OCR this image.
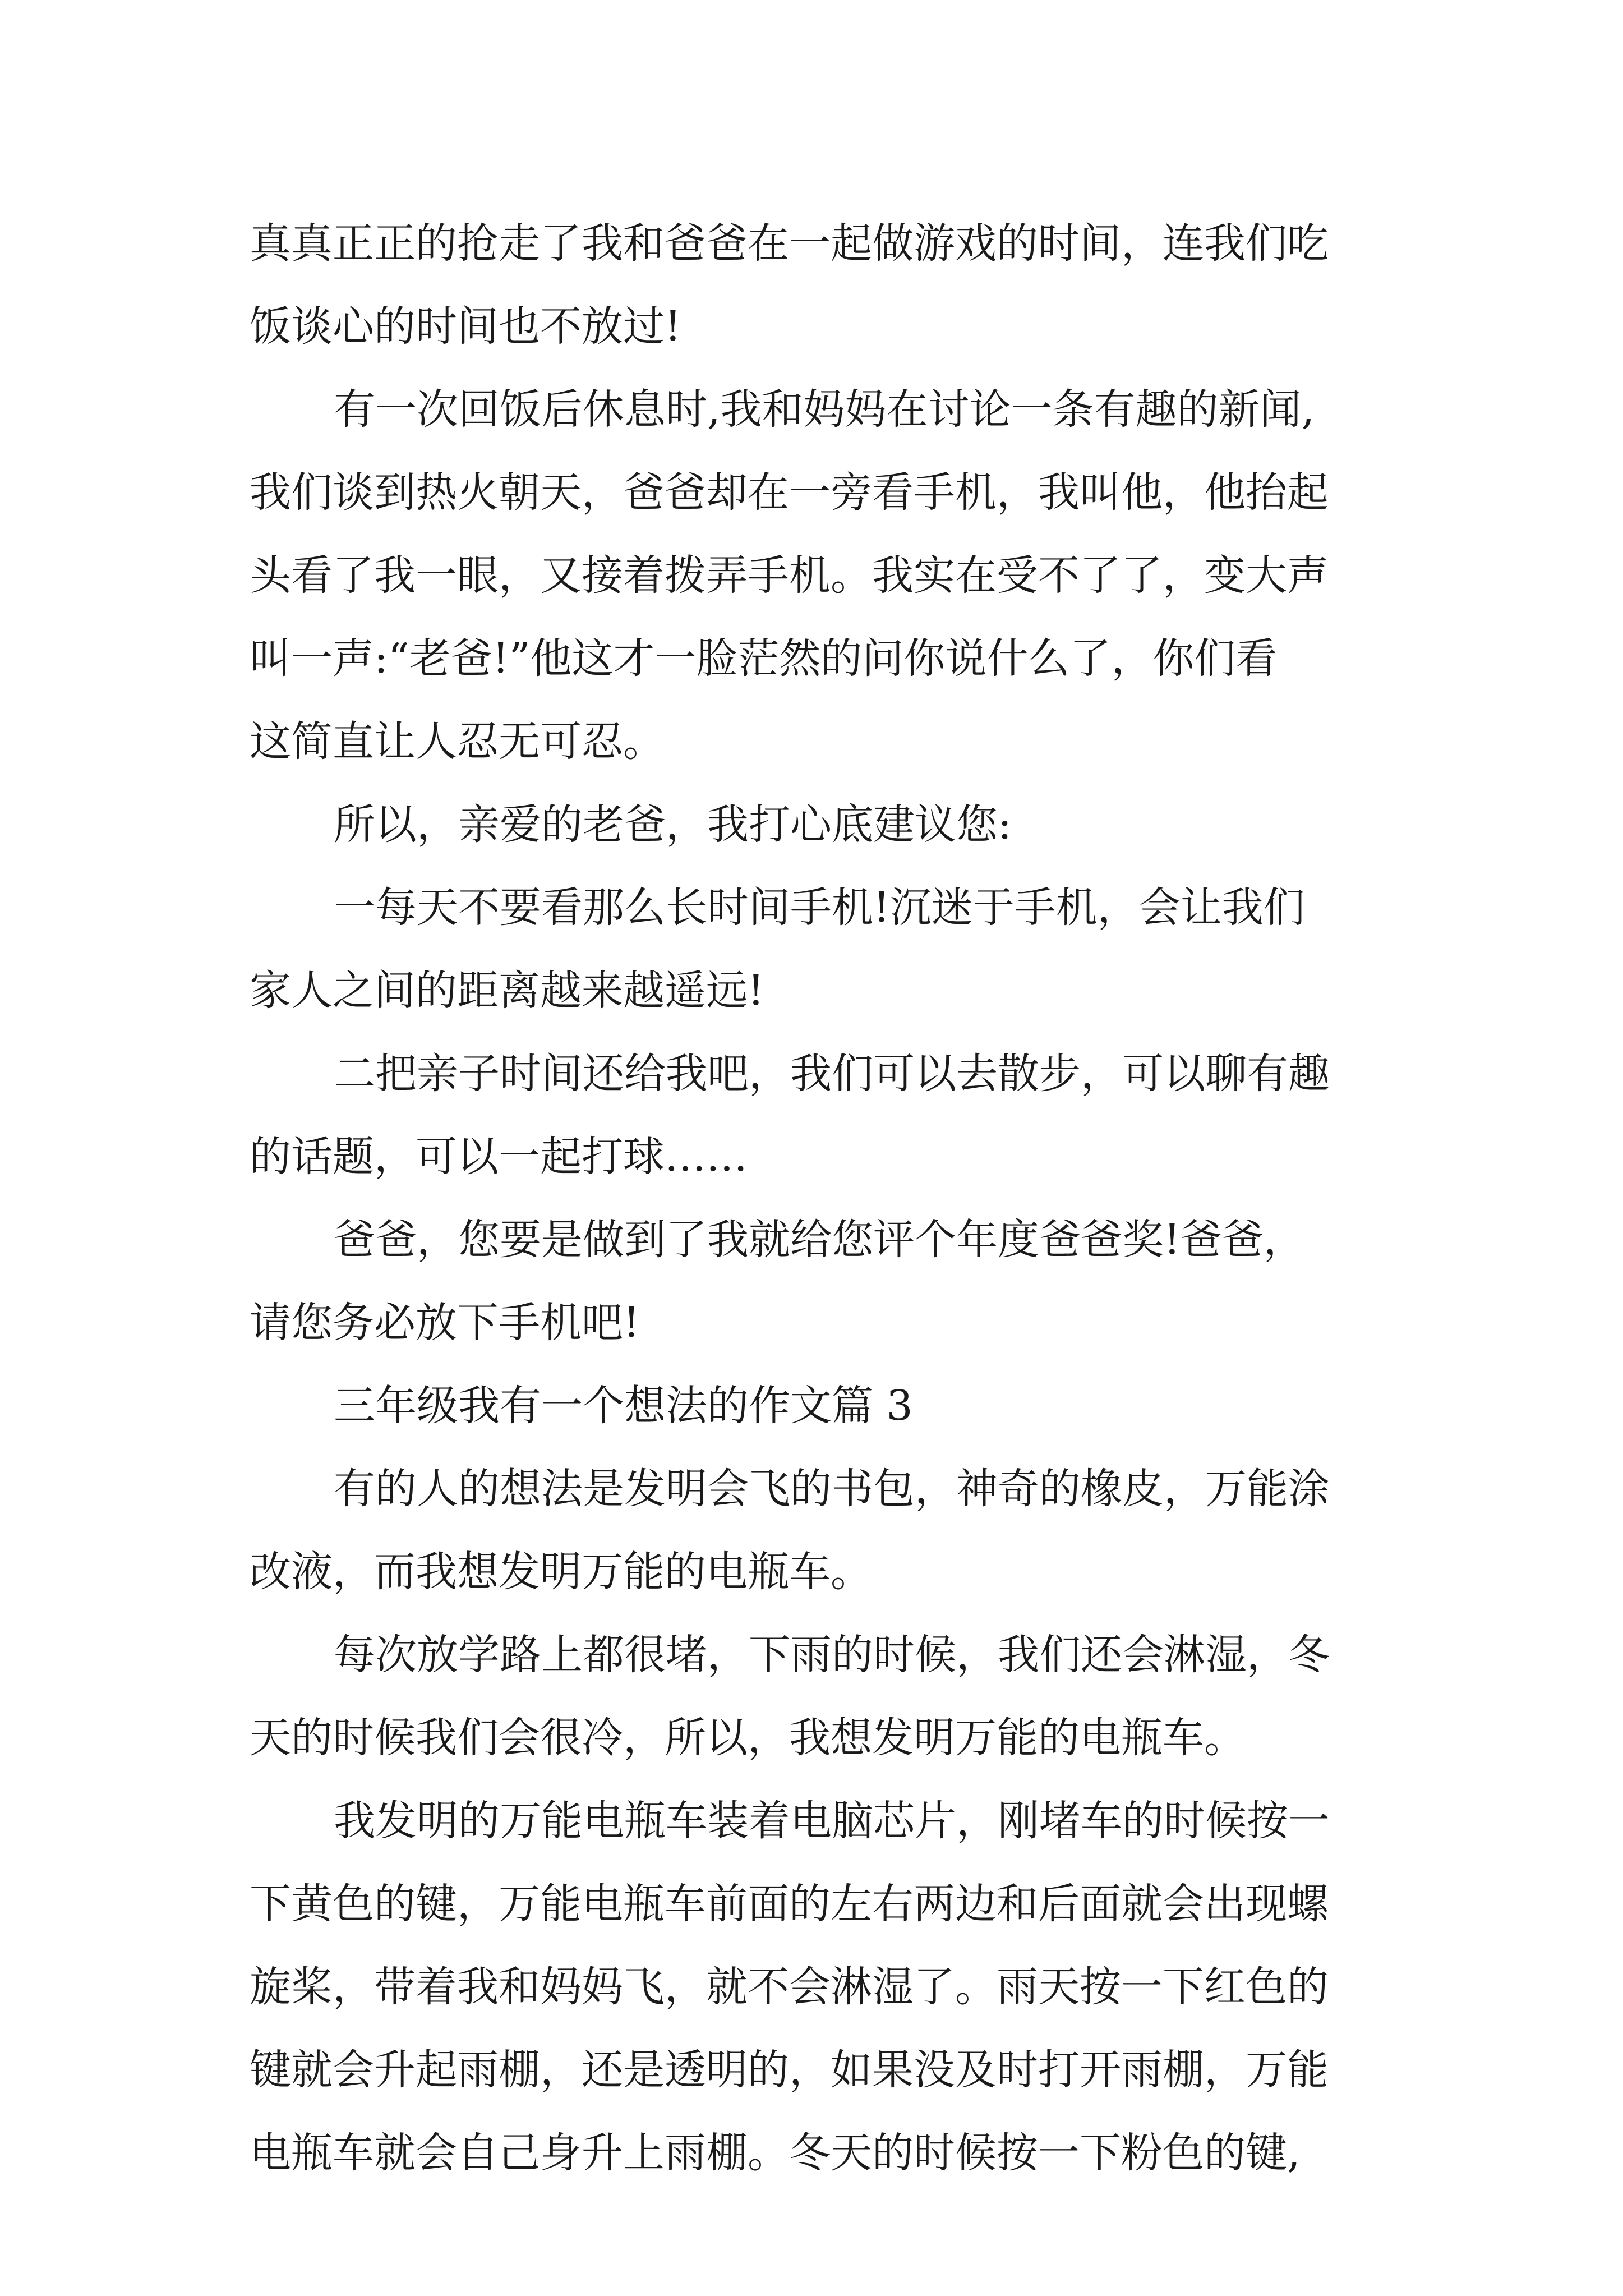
真真正正的抢走了我和爸爸在一起做游戏的时间，连我们吃
饭谈心的时间也不放过!
有一次回饭后休息时,我和妈妈在讨论一条有趣的新闻,
我们谈到热火朝天，爸爸却在一旁看手机，我叫他，他抬起
头看了我一眼，又接着拨弄手机。我实在受不了了，变大声
叫一声:“老爸!”他这才一脸茫然的问你说什么了，你们看
这简直让人忍无可忍。
所以，亲爱的老爸，我打心底建议您:
一每天不要看那么长时间手机!沉迷于手机，会让我们
家人之间的距离越来越遥远!
二把亲子时间还给我吧，我们可以去散步，可以聊有趣
的话题，可以一起打球……
爸爸，您要是做到了我就给您评个年度爸爸奖!爸爸，
请您务必放下手机吧!
三年级我有一个想法的作文篇 3
有的人的想法是发明会飞的书包，神奇的橡皮，万能涂
改液，而我想发明万能的电瓶车。
每次放学路上都很堵，下雨的时候，我们还会淋湿，冬
天的时候我们会很冷，所以，我想发明万能的电瓶车。
我发明的万能电瓶车装着电脑芯片，刚堵车的时候按一
下黄色的键，万能电瓶车前面的左右两边和后面就会出现螺
旋桨，带着我和妈妈飞，就不会淋湿了。雨天按一下红色的
键就会升起雨棚，还是透明的，如果没及时打开雨棚，万能
电瓶车就会自己身升上雨棚。冬天的时候按一下粉色的键,
